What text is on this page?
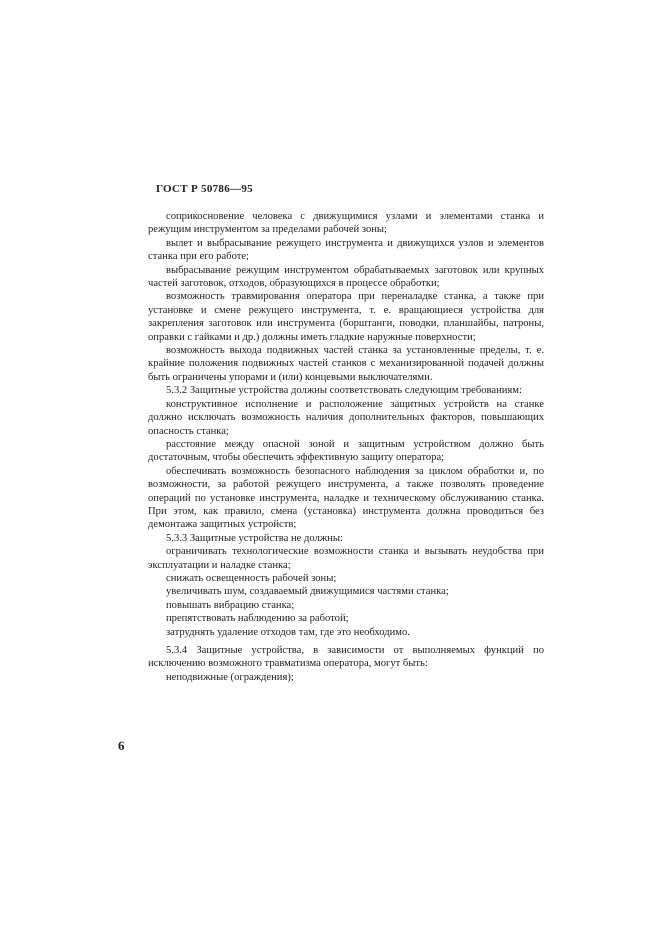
ГОСТ Р 50786—95

соприкосновение человека с движущимися узлами и элементами станка и режущим инструментом за пределами рабочей зоны;

вылет и выбрасывание режущего инструмента и движущихся узлов и элементов станка при его работе;

выбрасывание режущим инструментом обрабатываемых заготовок или крупных частей заготовок, отходов, образующихся в процессе обработки;

возможность травмирования оператора при переналадке станка, а также при установке и смене режущего инструмента, т. е. вращающиеся устройства для закрепления заготовок или инструмента (борштанги, поводки, планшайбы, патроны, оправки с гайками и др.) должны иметь гладкие наружные поверхности;

возможность выхода подвижных частей станка за установленные пределы, т. е. крайние положения подвижных частей станков с механизированной подачей должны быть ограничены упорами и (или) концевыми выключателями.

5.3.2 Защитные устройства должны соответствовать следующим требованиям:

конструктивное исполнение и расположение защитных устройств на станке должно исключать возможность наличия дополнительных факторов, повышающих опасность станка;

расстояние между опасной зоной и защитным устройством должно быть достаточным, чтобы обеспечить эффективную защиту оператора;

обеспечивать возможность безопасного наблюдения за циклом обработки и, по возможности, за работой режущего инструмента, а также позволять проведение операций по установке инструмента, наладке и техническому обслуживанию станка. При этом, как правило, смена (установка) инструмента должна проводиться без демонтажа защитных устройств;

5.3.3 Защитные устройства не должны:

ограничивать технологические возможности станка и вызывать неудобства при эксплуатации и наладке станка;

снижать освещенность рабочей зоны;

увеличивать шум, создаваемый движущимися частями станка;

повышать вибрацию станка;

препятствовать наблюдению за работой;

затруднять удаление отходов там, где это необходимо.

5.3.4 Защитные устройства, в зависимости от выполняемых функций по исключению возможного травматизма оператора, могут быть:

неподвижные (ограждения);

6
